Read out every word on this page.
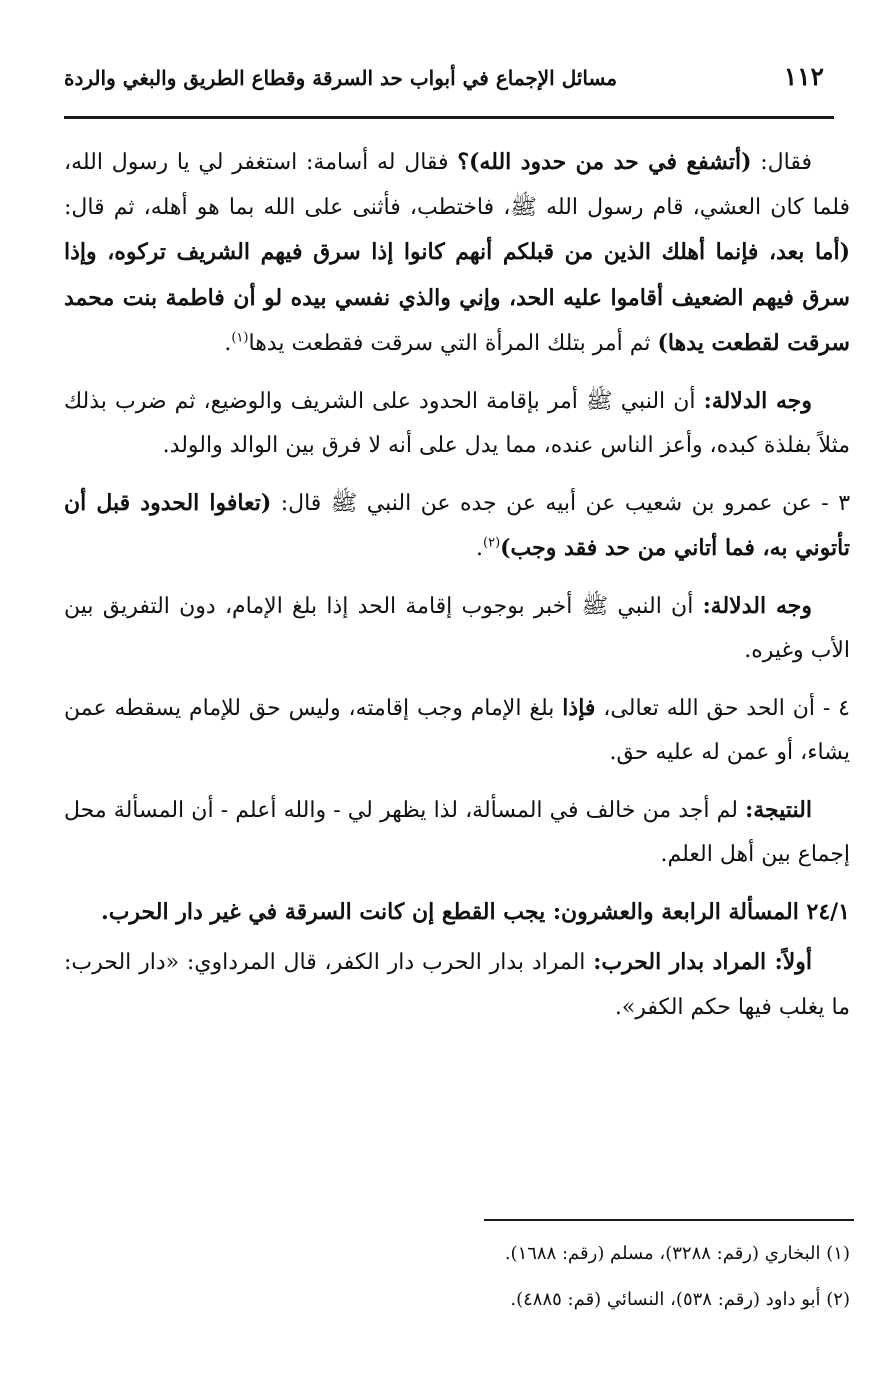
١١٢
مسائل الإجماع في أبواب حد السرقة وقطاع الطريق والبغي والردة

فقال: (أتشفع في حد من حدود الله)؟ فقال له أسامة: استغفر لي يا رسول الله، فلما كان العشي، قام رسول الله ﷺ، فاختطب، فأثنى على الله بما هو أهله، ثم قال: (أما بعد، فإنما أهلك الذين من قبلكم أنهم كانوا إذا سرق فيهم الشريف تركوه، وإذا سرق فيهم الضعيف أقاموا عليه الحد، وإني والذي نفسي بيده لو أن فاطمة بنت محمد سرقت لقطعت يدها) ثم أمر بتلك المرأة التي سرقت فقطعت يدها$^{(١)}$.

وجه الدلالة: أن النبي ﷺ أمر بإقامة الحدود على الشريف والوضيع، ثم ضرب بذلك مثلاً بفلذة كبده، وأعز الناس عنده، مما يدل على أنه لا فرق بين الوالد والولد.

٣ - عن عمرو بن شعيب عن أبيه عن جده عن النبي ﷺ قال: (تعافوا الحدود قبل أن تأتوني به، فما أتاني من حد فقد وجب)$^{(٢)}$.

وجه الدلالة: أن النبي ﷺ أخبر بوجوب إقامة الحد إذا بلغ الإمام، دون التفريق بين الأب وغيره.

٤ - أن الحد حق الله تعالى، فإذا بلغ الإمام وجب إقامته، وليس حق للإمام يسقطه عمن يشاء، أو عمن له عليه حق.

النتيجة: لم أجد من خالف في المسألة، لذا يظهر لي - والله أعلم - أن المسألة محل إجماع بين أهل العلم.

٢٤/١ المسألة الرابعة والعشرون: يجب القطع إن كانت السرقة في غير دار الحرب.

أولاً: المراد بدار الحرب: المراد بدار الحرب دار الكفر، قال المرداوي: «دار الحرب: ما يغلب فيها حكم الكفر».

(١) البخاري (رقم: ٣٢٨٨)، مسلم (رقم: ١٦٨٨).

(٢) أبو داود (رقم: ٥٣٨)، النسائي (قم: ٤٨٨٥).
